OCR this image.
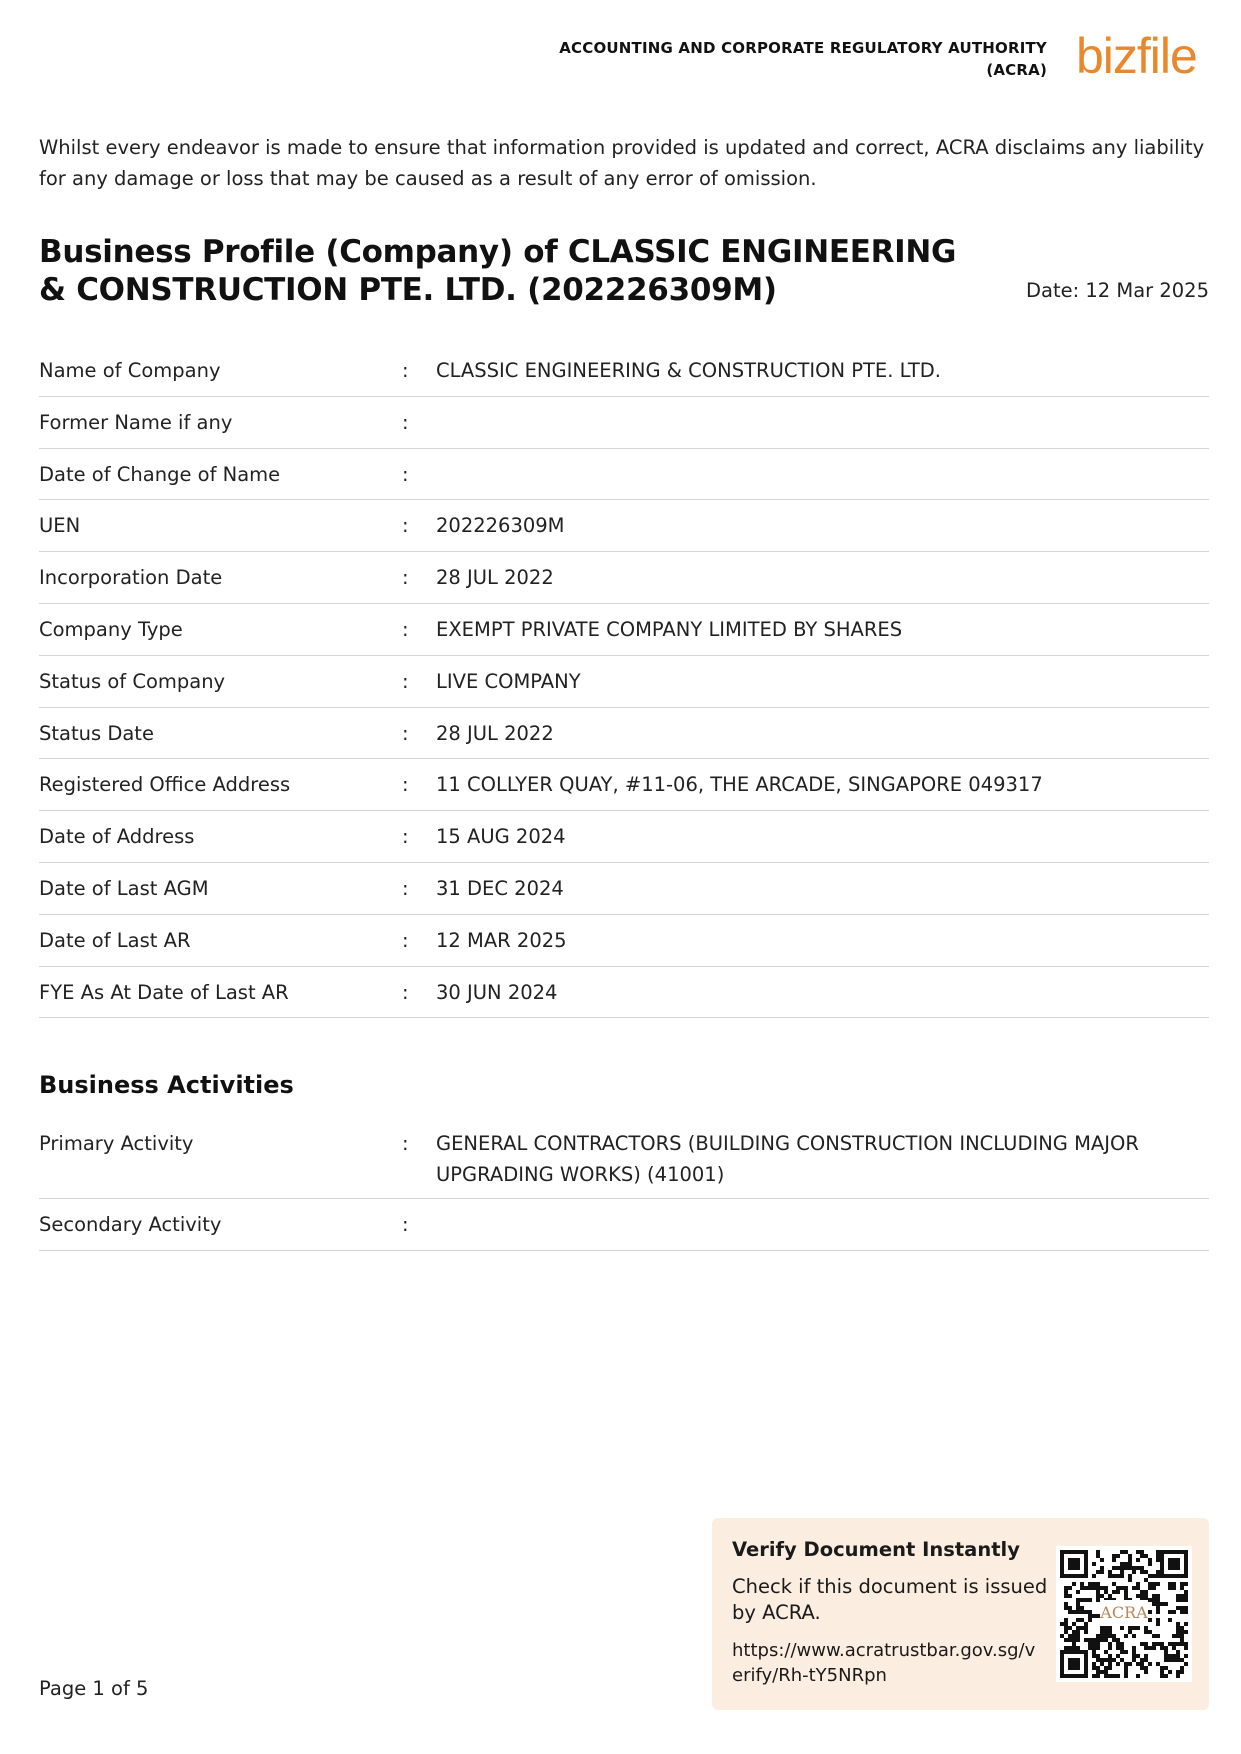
ACCOUNTING AND CORPORATE REGULATORY AUTHORITY
(ACRA) bizfile
Whilst every endeavor is made to ensure that information provided is updated and correct, ACRA disclaims any liability for any damage or loss that may be caused as a result of any error of omission.
Business Profile (Company) of CLASSIC ENGINEERING & CONSTRUCTION PTE. LTD. (202226309M)	Date: 12 Mar 2025
Name of Company	:	CLASSIC ENGINEERING & CONSTRUCTION PTE. LTD.
Former Name if any	:
Date of Change of Name	:
UEN	:	202226309M
Incorporation Date	:	28 JUL 2022
Company Type	:	EXEMPT PRIVATE COMPANY LIMITED BY SHARES
Status of Company	:	LIVE COMPANY
Status Date	:	28 JUL 2022
Registered Office Address	:	11 COLLYER QUAY, #11-06, THE ARCADE, SINGAPORE 049317
Date of Address	:	15 AUG 2024
Date of Last AGM	:	31 DEC 2024
Date of Last AR	:	12 MAR 2025
FYE As At Date of Last AR	:	30 JUN 2024
Business Activities
Primary Activity	:	GENERAL CONTRACTORS (BUILDING CONSTRUCTION INCLUDING MAJOR UPGRADING WORKS) (41001)
Secondary Activity	:
Page 1 of 5
Verify Document Instantly
Check if this document is issued by ACRA.
https://www.acratrustbar.gov.sg/verify/Rh-tY5NRpn
ACRA
